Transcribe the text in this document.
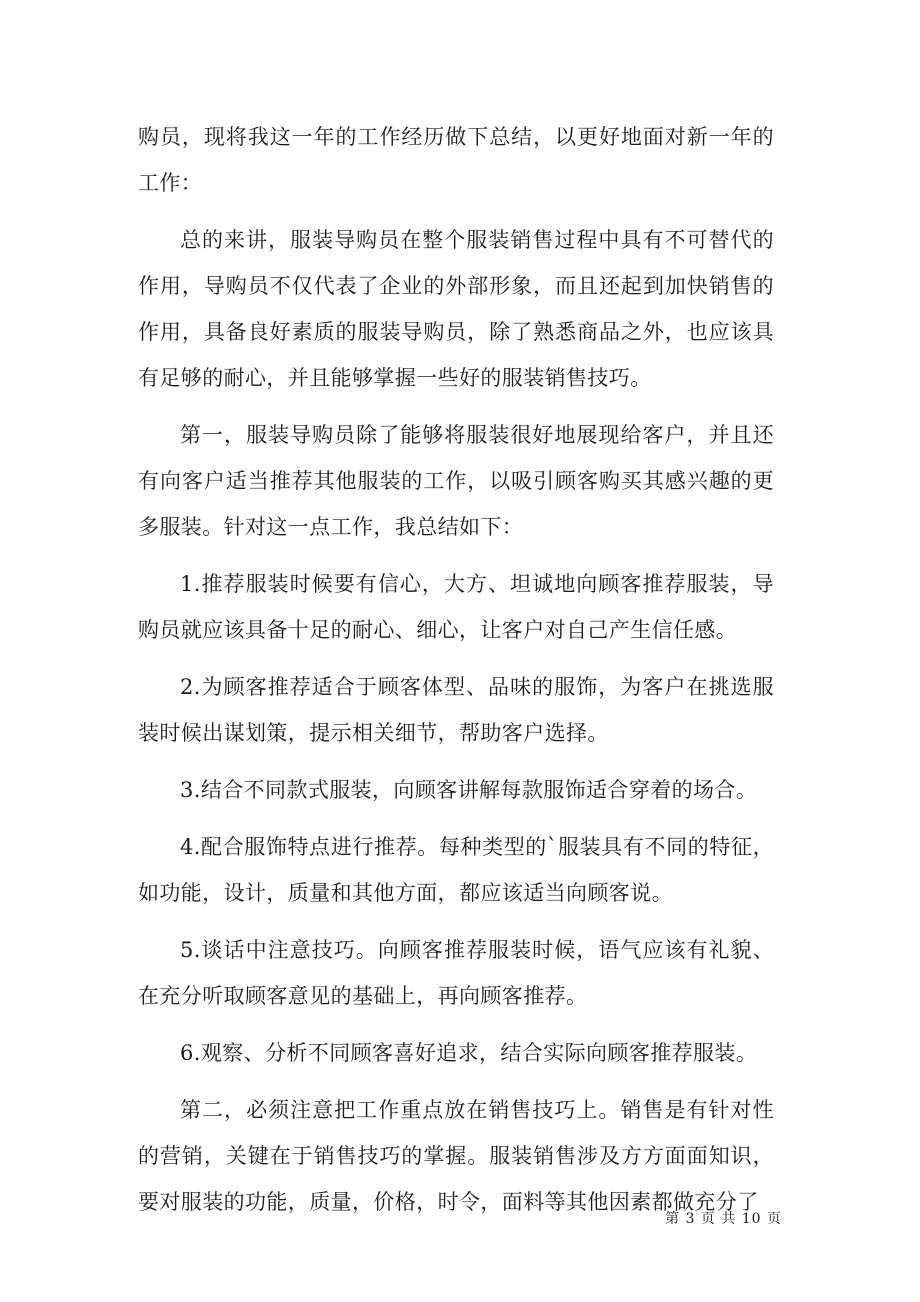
购员，现将我这一年的工作经历做下总结，以更好地面对新一年的工作：

总的来讲，服装导购员在整个服装销售过程中具有不可替代的作用，导购员不仅代表了企业的外部形象，而且还起到加快销售的作用，具备良好素质的服装导购员，除了熟悉商品之外，也应该具有足够的耐心，并且能够掌握一些好的服装销售技巧。

第一，服装导购员除了能够将服装很好地展现给客户，并且还有向客户适当推荐其他服装的工作，以吸引顾客购买其感兴趣的更多服装。针对这一点工作，我总结如下：

1.推荐服装时候要有信心，大方、坦诚地向顾客推荐服装，导购员就应该具备十足的耐心、细心，让客户对自己产生信任感。

2.为顾客推荐适合于顾客体型、品味的服饰，为客户在挑选服装时候出谋划策，提示相关细节，帮助客户选择。

3.结合不同款式服装，向顾客讲解每款服饰适合穿着的场合。

4.配合服饰特点进行推荐。每种类型的`服装具有不同的特征，如功能，设计，质量和其他方面，都应该适当向顾客说。

5.谈话中注意技巧。向顾客推荐服装时候，语气应该有礼貌、在充分听取顾客意见的基础上，再向顾客推荐。

6.观察、分析不同顾客喜好追求，结合实际向顾客推荐服装。

第二，必须注意把工作重点放在销售技巧上。销售是有针对性的营销，关键在于销售技巧的掌握。服装销售涉及方方面面知识，要对服装的功能，质量，价格，时令，面料等其他因素都做充分了

第 3 页 共 10 页
